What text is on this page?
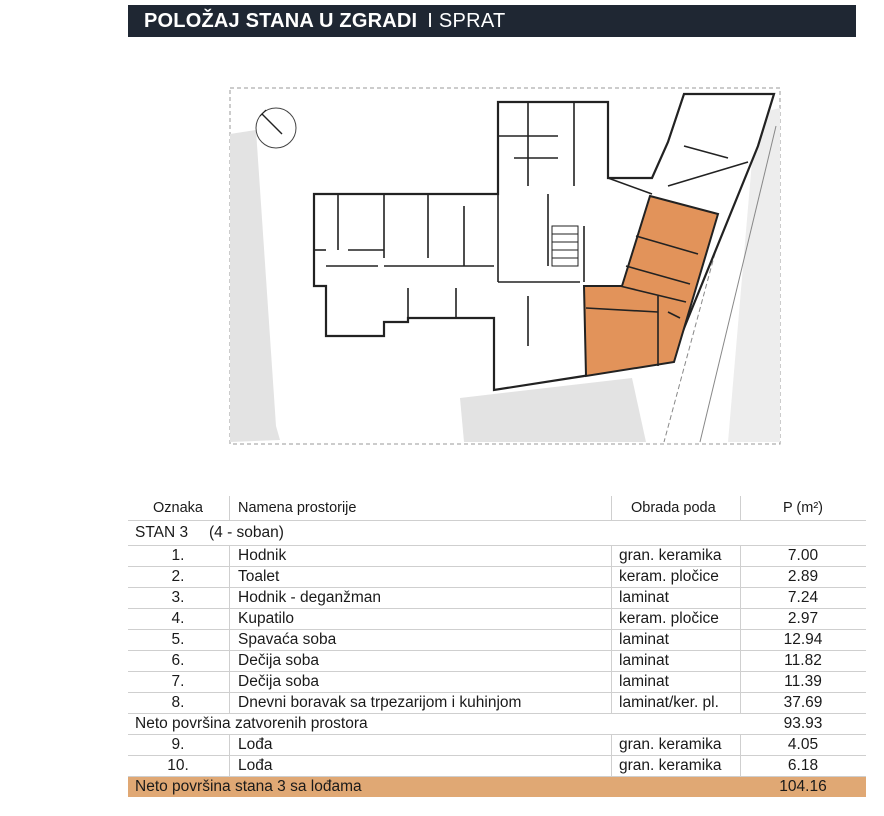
POLOŽAJ STANA U ZGRADI I SPRAT
Oznaka	Namena prostorije	Obrada poda	P (m²)
STAN 3 (4 - soban)
1.	Hodnik	gran. keramika	7.00
2.	Toalet	keram. pločice	2.89
3.	Hodnik - deganžman	laminat	7.24
4.	Kupatilo	keram. pločice	2.97
5.	Spavaća soba	laminat	12.94
6.	Dečija soba	laminat	11.82
7.	Dečija soba	laminat	11.39
8.	Dnevni boravak sa trpezarijom i kuhinjom	laminat/ker. pl.	37.69
Neto površina zatvorenih prostora	93.93
9.	Lođa	gran. keramika	4.05
10.	Lođa	gran. keramika	6.18
Neto površina stana 3 sa lođama	104.16
